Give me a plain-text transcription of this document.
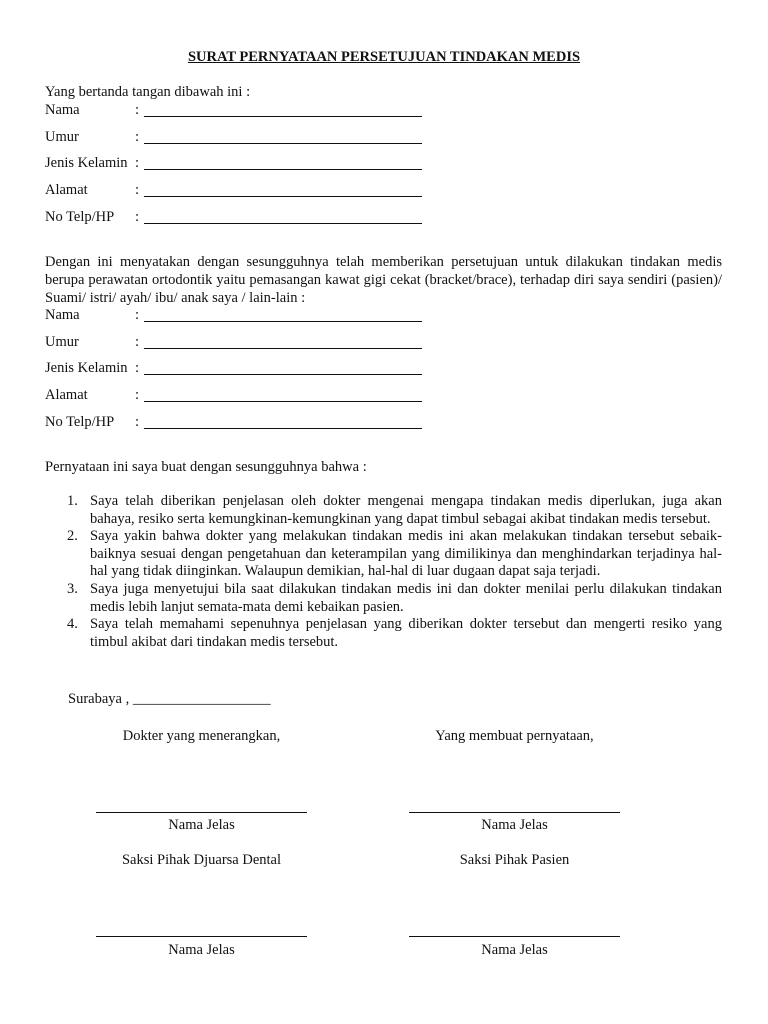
SURAT PERNYATAAN PERSETUJUAN TINDAKAN MEDIS
Yang bertanda tangan dibawah ini :
Nama	:
Umur	:
Jenis Kelamin :
Alamat	:
No Telp/HP :
Dengan ini menyatakan dengan sesungguhnya telah memberikan persetujuan untuk dilakukan tindakan medis berupa perawatan ortodontik yaitu pemasangan kawat gigi cekat (bracket/brace), terhadap diri saya sendiri (pasien)/ Suami/ istri/ ayah/ ibu/ anak saya / lain-lain :
Nama	:
Umur	:
Jenis Kelamin :
Alamat	:
No Telp/HP :
Pernyataan ini saya buat dengan sesungguhnya bahwa :
1. Saya telah diberikan penjelasan oleh dokter mengenai mengapa tindakan medis diperlukan, juga akan bahaya, resiko serta kemungkinan-kemungkinan yang dapat timbul sebagai akibat tindakan medis tersebut.
2. Saya yakin bahwa dokter yang melakukan tindakan medis ini akan melakukan tindakan tersebut sebaik-baiknya sesuai dengan pengetahuan dan keterampilan yang dimilikinya dan menghindarkan terjadinya hal-hal yang tidak diinginkan. Walaupun demikian, hal-hal di luar dugaan dapat saja terjadi.
3. Saya juga menyetujui bila saat dilakukan tindakan medis ini dan dokter menilai perlu dilakukan tindakan medis lebih lanjut semata-mata demi kebaikan pasien.
4. Saya telah memahami sepenuhnya penjelasan yang diberikan dokter tersebut dan mengerti resiko yang timbul akibat dari tindakan medis tersebut.
Surabaya , ___________________
Dokter yang menerangkan,	Yang membuat pernyataan,
Nama Jelas	Nama Jelas
Saksi Pihak Djuarsa Dental	Saksi Pihak Pasien
Nama Jelas	Nama Jelas
